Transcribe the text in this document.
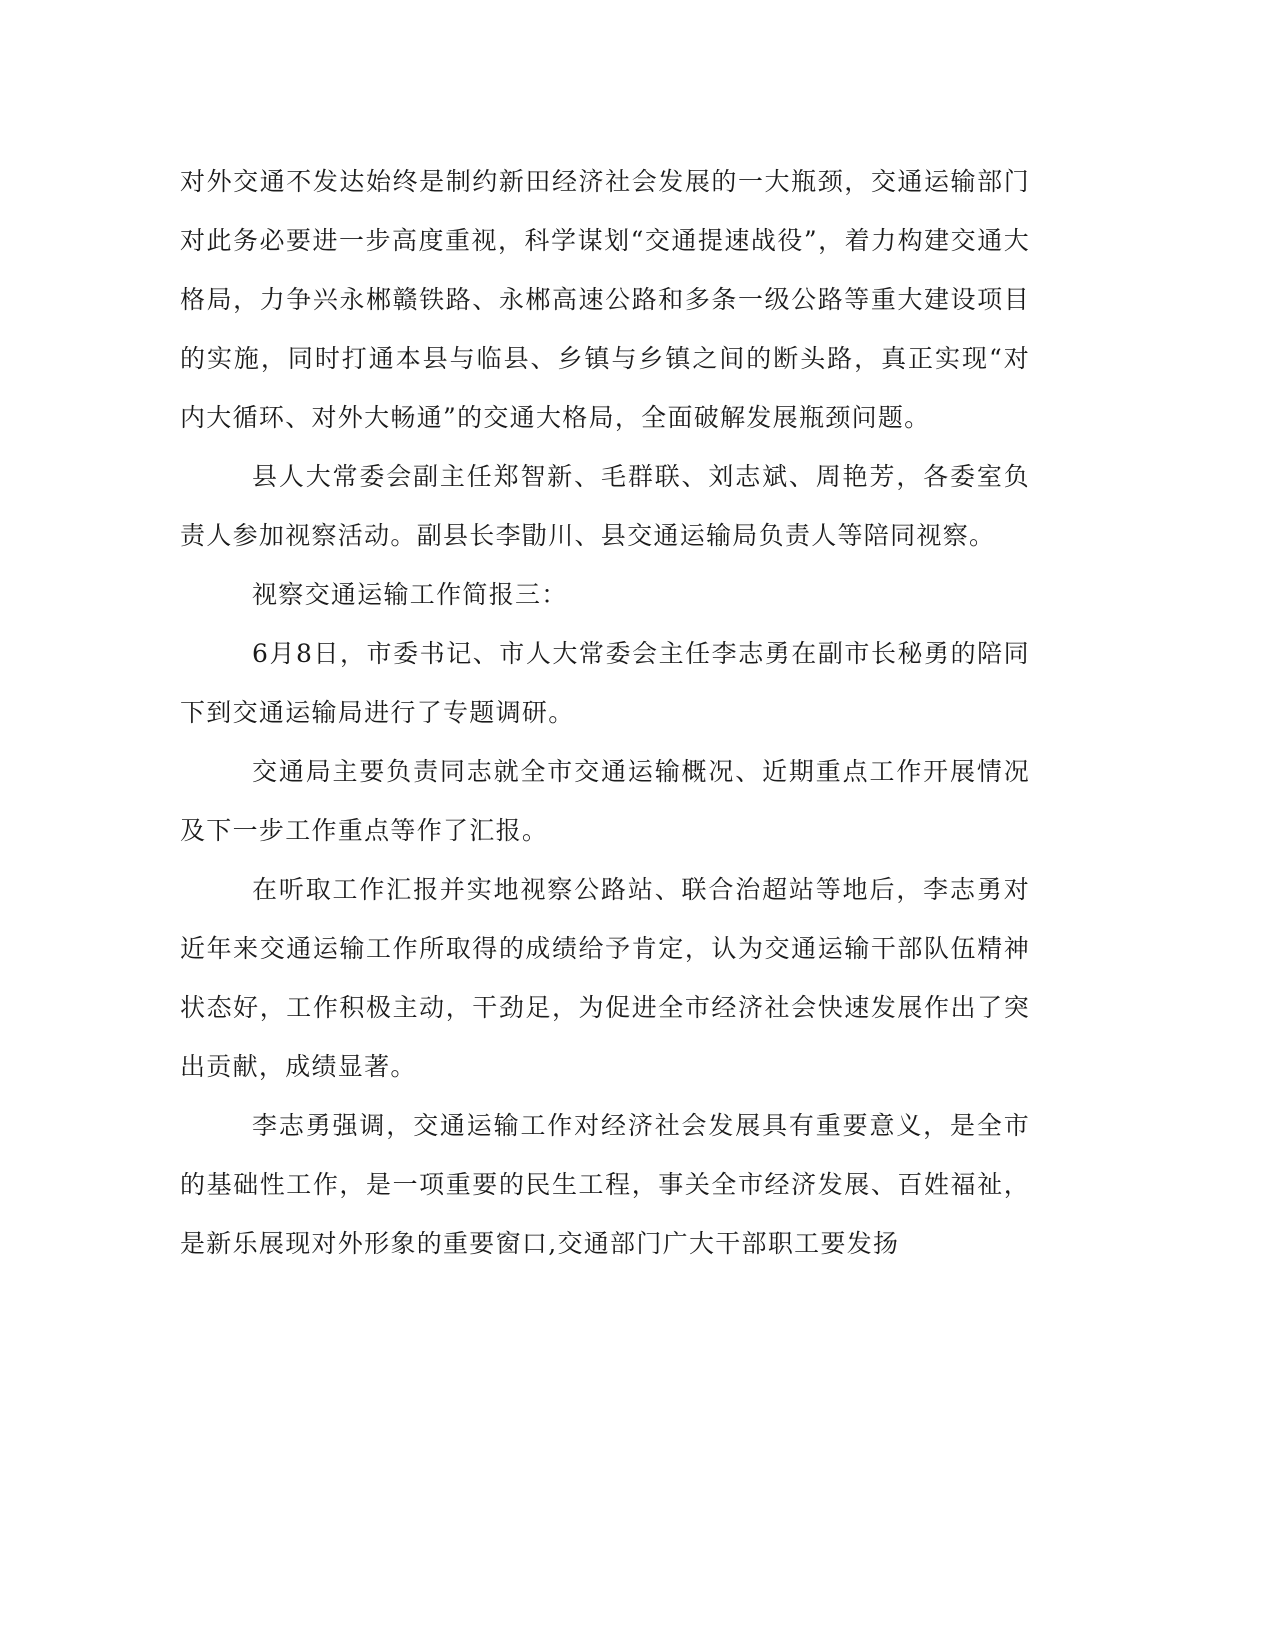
对外交通不发达始终是制约新田经济社会发展的一大瓶颈，交通运输部门对此务必要进一步高度重视，科学谋划“交通提速战役”，着力构建交通大格局，力争兴永郴赣铁路、永郴高速公路和多条一级公路等重大建设项目的实施，同时打通本县与临县、乡镇与乡镇之间的断头路，真正实现“对内大循环、对外大畅通”的交通大格局，全面破解发展瓶颈问题。

县人大常委会副主任郑智新、毛群联、刘志斌、周艳芳，各委室负责人参加视察活动。副县长李勖川、县交通运输局负责人等陪同视察。

视察交通运输工作简报三：

6月8日，市委书记、市人大常委会主任李志勇在副市长秘勇的陪同下到交通运输局进行了专题调研。

交通局主要负责同志就全市交通运输概况、近期重点工作开展情况及下一步工作重点等作了汇报。

在听取工作汇报并实地视察公路站、联合治超站等地后，李志勇对近年来交通运输工作所取得的成绩给予肯定，认为交通运输干部队伍精神状态好，工作积极主动，干劲足，为促进全市经济社会快速发展作出了突出贡献，成绩显著。

李志勇强调，交通运输工作对经济社会发展具有重要意义，是全市的基础性工作，是一项重要的民生工程，事关全市经济发展、百姓福祉，是新乐展现对外形象的重要窗口,交通部门广大干部职工要发扬
